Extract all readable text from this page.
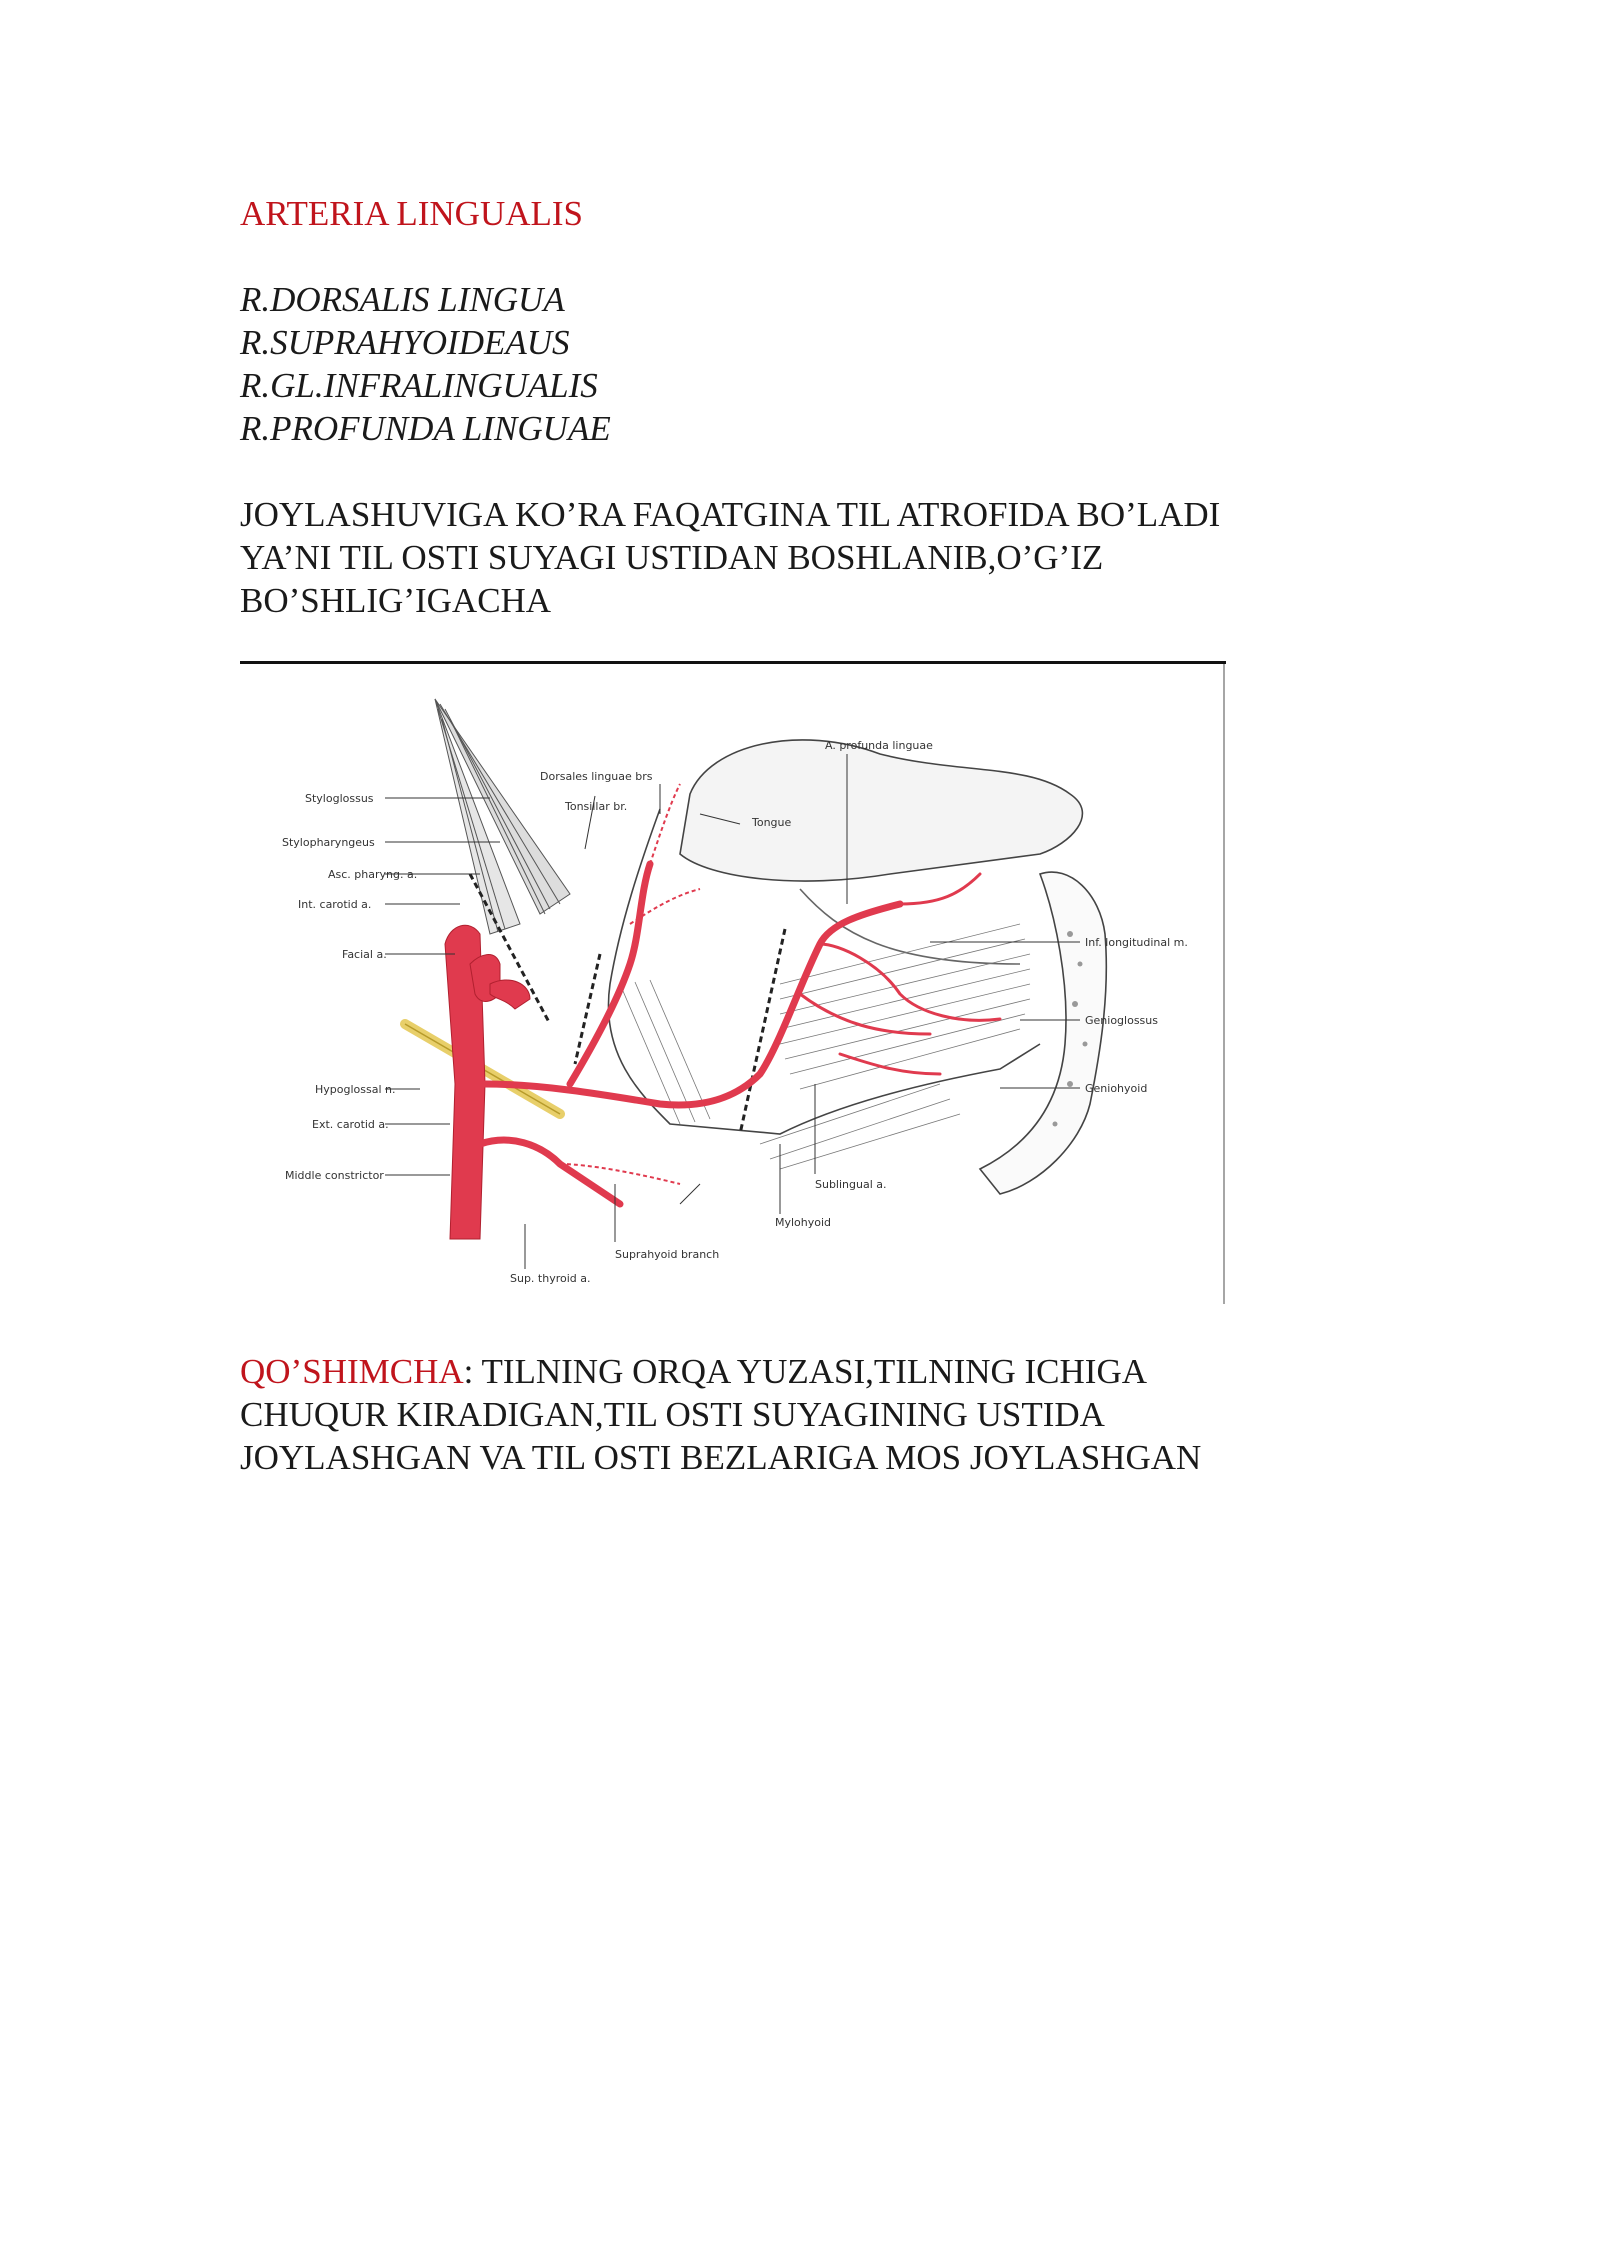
ARTERIA LINGUALIS
R.DORSALIS LINGUA
R.SUPRAHYOIDEAUS
R.GL.INFRALINGUALIS
R.PROFUNDA LINGUAE
JOYLASHUVIGA KO’RA FAQATGINA TIL ATROFIDA BO’LADI
YA’NI TIL OSTI SUYAGI USTIDAN BOSHLANIB,O’G’IZ
BO’SHLIG’IGACHA
A. profunda linguae
Dorsales linguae brs
Tonsillar br.
Tongue
Styloglossus
Stylopharyngeus
Asc. pharyng. a.
Int. carotid a.
Facial a.
Hypoglossal n.
Ext. carotid a.
Middle constrictor
Suprahyoid branch
Sup. thyroid a.
Mylohyoid
Sublingual a.
Geniohyoid
Genioglossus
Inf. longitudinal m.
QO’SHIMCHA: TILNING ORQA YUZASI,TILNING ICHIGA
CHUQUR KIRADIGAN,TIL OSTI SUYAGINING USTIDA
JOYLASHGAN VA TIL OSTI BEZLARIGA MOS JOYLASHGAN
